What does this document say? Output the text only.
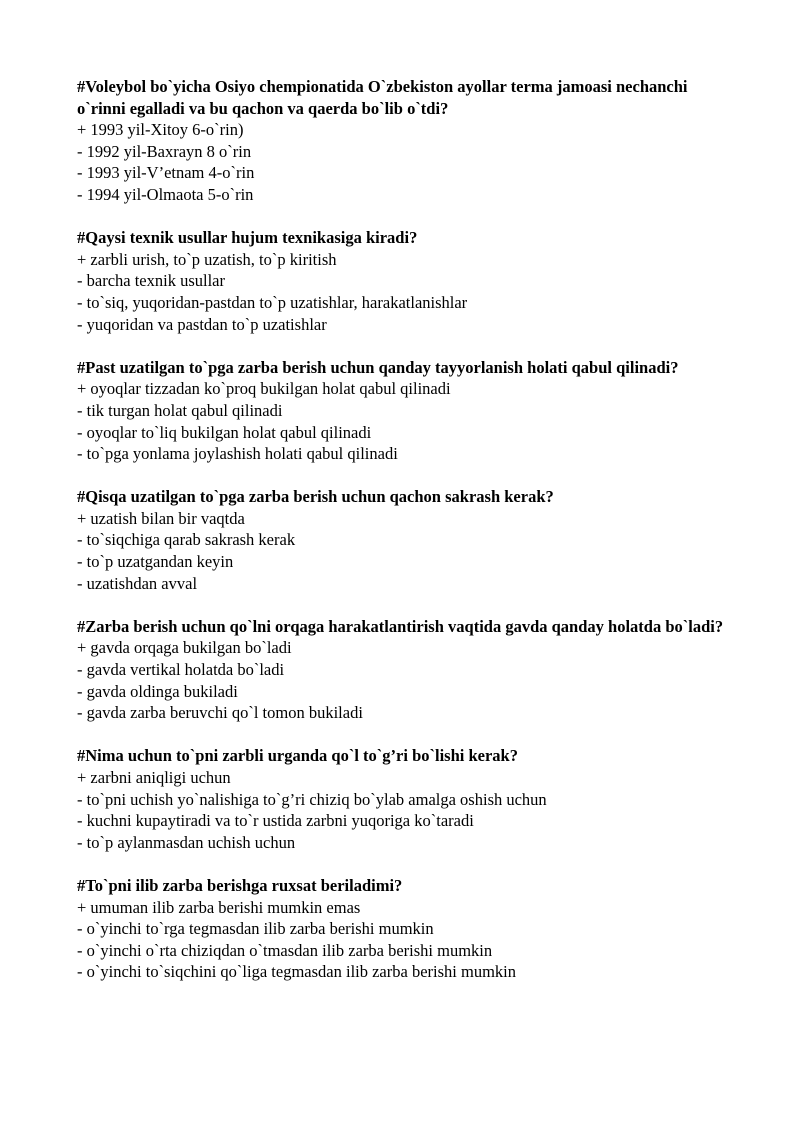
#Voleybol bo`yicha Osiyo chempionatida O`zbekiston ayollar terma jamoasi nechanchi o`rinni egalladi va bu qachon va qaerda bo`lib o`tdi?

+ 1993 yil-Xitoy 6-o`rin)

- 1992 yil-Baxrayn 8 o`rin

- 1993 yil-V’etnam 4-o`rin

- 1994 yil-Olmaota 5-o`rin

#Qaysi texnik usullar hujum texnikasiga kiradi?

+ zarbli urish, to`p uzatish, to`p kiritish

- barcha texnik usullar

- to`siq, yuqoridan-pastdan to`p uzatishlar, harakatlanishlar

- yuqoridan va pastdan to`p uzatishlar

#Past uzatilgan to`pga zarba berish uchun qanday tayyorlanish holati qabul qilinadi?

+ oyoqlar tizzadan ko`proq bukilgan holat qabul qilinadi

- tik turgan holat qabul qilinadi

- oyoqlar to`liq bukilgan holat qabul qilinadi

- to`pga yonlama joylashish holati qabul qilinadi

#Qisqa uzatilgan to`pga zarba berish uchun qachon sakrash kerak?

+ uzatish bilan bir vaqtda

- to`siqchiga qarab sakrash kerak

- to`p uzatgandan keyin

- uzatishdan avval

#Zarba berish uchun qo`lni orqaga harakatlantirish vaqtida gavda qanday holatda bo`ladi?

+ gavda orqaga bukilgan bo`ladi

- gavda vertikal holatda bo`ladi

- gavda oldinga bukiladi

- gavda zarba beruvchi qo`l tomon bukiladi

#Nima uchun to`pni zarbli urganda qo`l to`g’ri bo`lishi kerak?

+ zarbni aniqligi uchun

- to`pni uchish yo`nalishiga to`g’ri chiziq bo`ylab amalga oshish uchun

- kuchni kupaytiradi va to`r ustida zarbni yuqoriga ko`taradi

- to`p aylanmasdan uchish uchun

#To`pni ilib zarba berishga ruxsat beriladimi?

+ umuman ilib zarba berishi mumkin emas

- o`yinchi to`rga tegmasdan ilib zarba berishi mumkin

- o`yinchi o`rta chiziqdan o`tmasdan ilib zarba berishi mumkin

- o`yinchi to`siqchini qo`liga tegmasdan ilib zarba berishi mumkin
